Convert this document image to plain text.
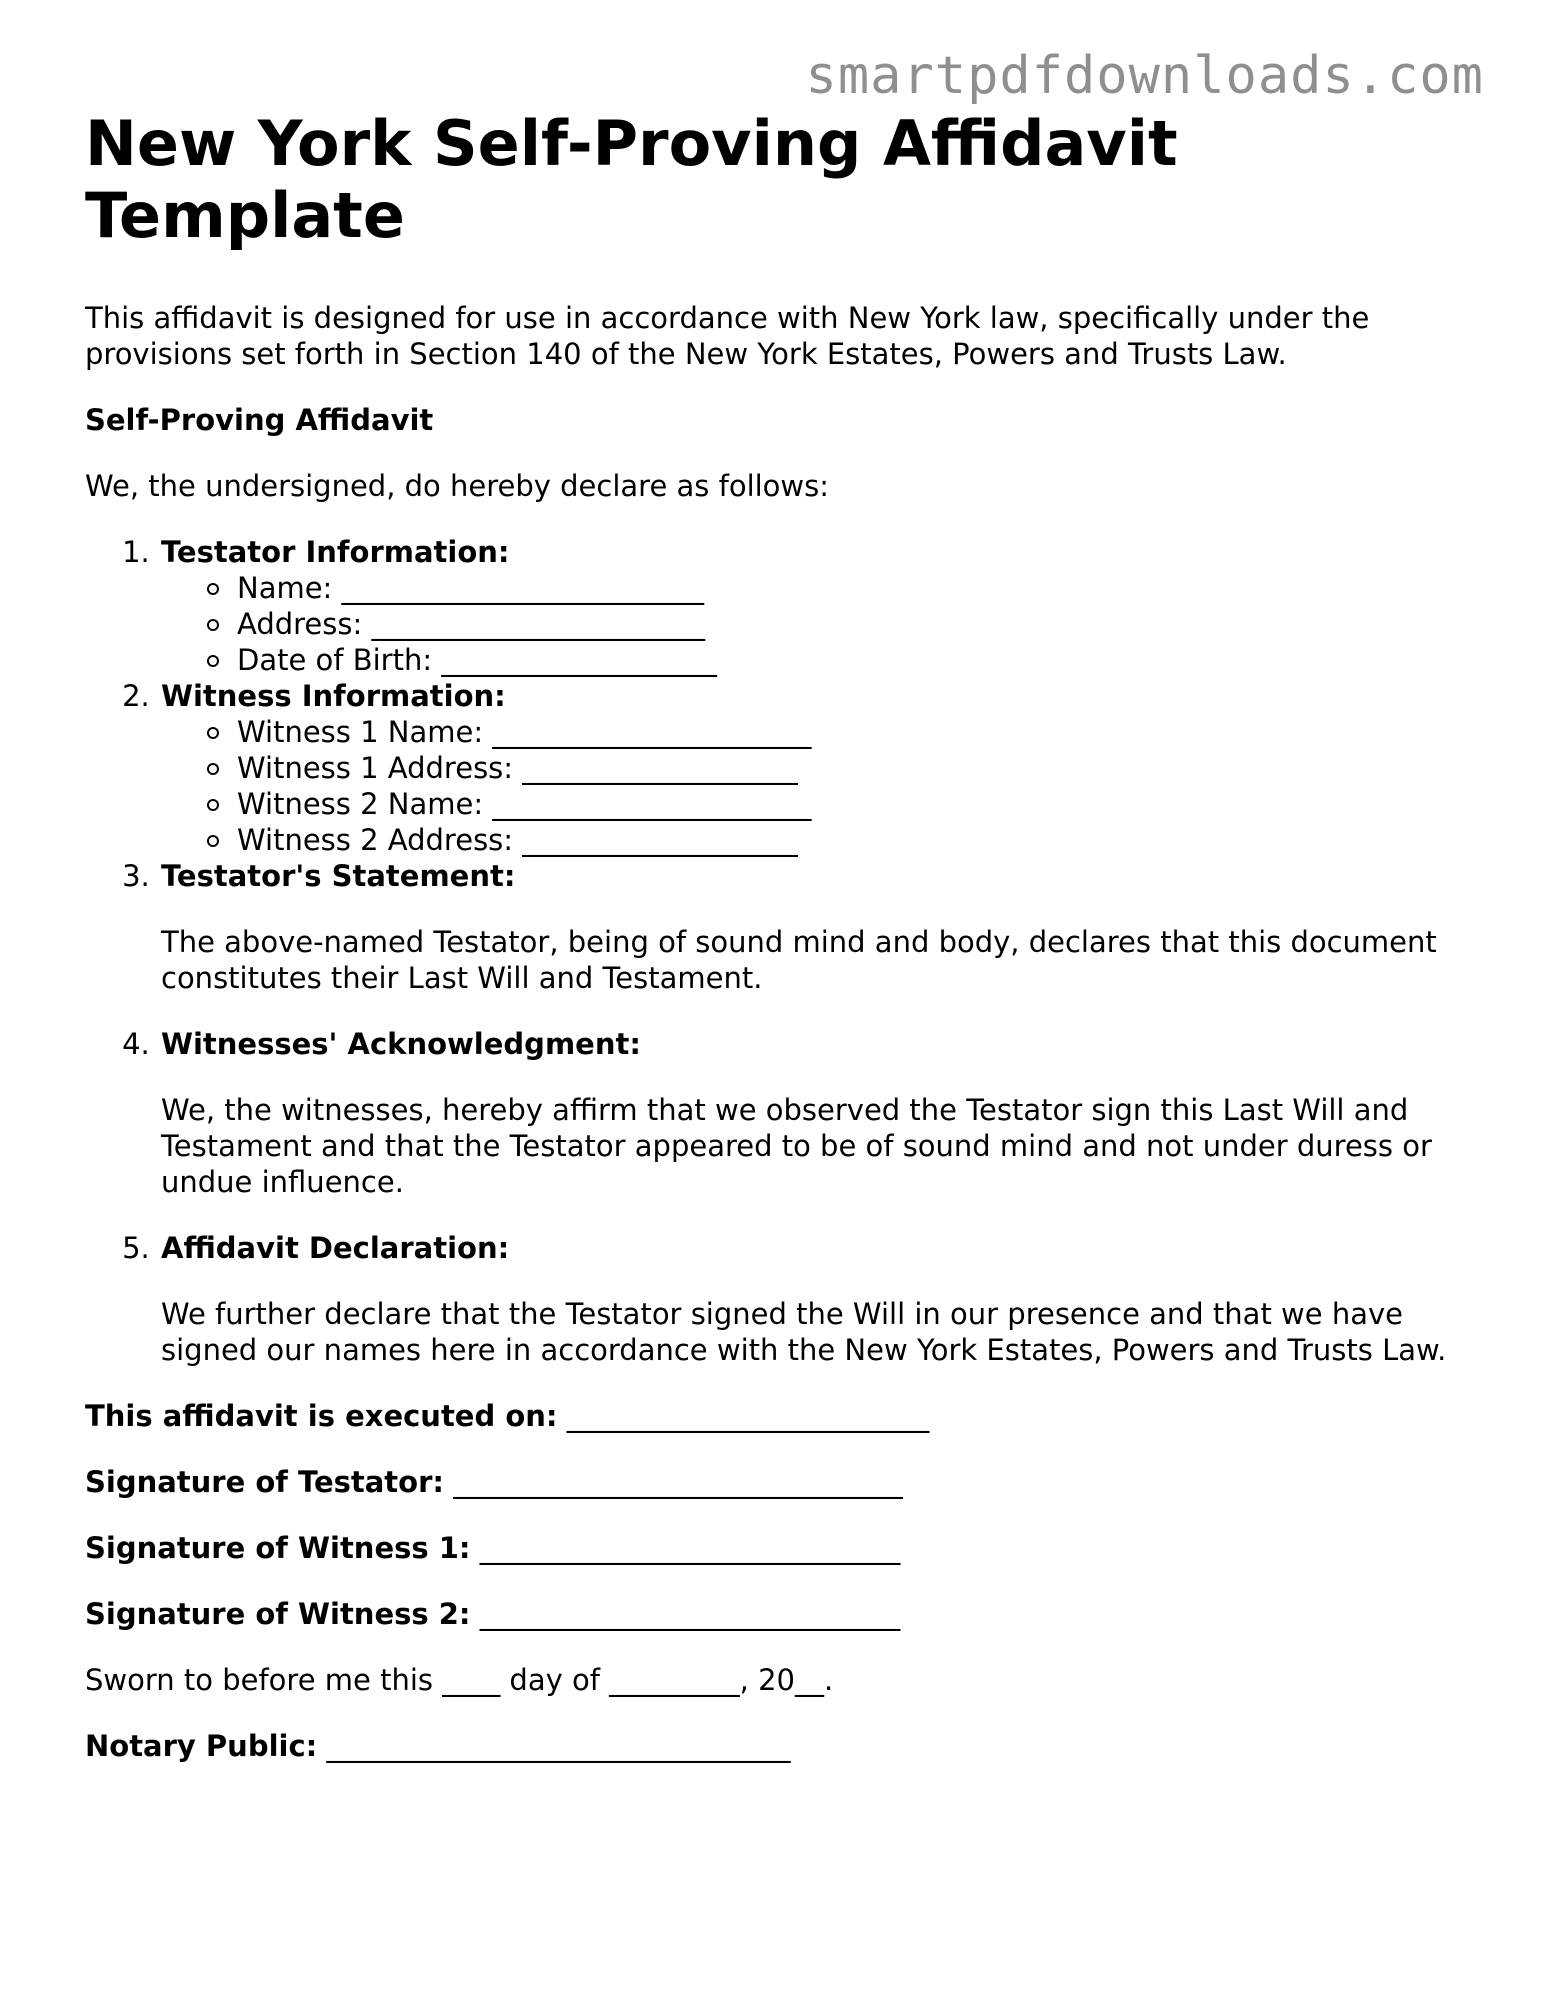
smartpdfdownloads.com
New York Self-Proving Affidavit Template

This affidavit is designed for use in accordance with New York law, specifically under the provisions set forth in Section 140 of the New York Estates, Powers and Trusts Law.

Self-Proving Affidavit

We, the undersigned, do hereby declare as follows:

1. Testator Information:
Name: _________________________
Address: _______________________
Date of Birth: ___________________
2. Witness Information:
Witness 1 Name: ______________________
Witness 1 Address: ___________________
Witness 2 Name: ______________________
Witness 2 Address: ___________________
3. Testator's Statement:

The above-named Testator, being of sound mind and body, declares that this document constitutes their Last Will and Testament.

4. Witnesses' Acknowledgment:

We, the witnesses, hereby affirm that we observed the Testator sign this Last Will and Testament and that the Testator appeared to be of sound mind and not under duress or undue influence.

5. Affidavit Declaration:

We further declare that the Testator signed the Will in our presence and that we have signed our names here in accordance with the New York Estates, Powers and Trusts Law.

This affidavit is executed on: _________________________

Signature of Testator: _______________________________

Signature of Witness 1: _____________________________

Signature of Witness 2: _____________________________

Sworn to before me this ____ day of _________, 20__.

Notary Public: ________________________________
